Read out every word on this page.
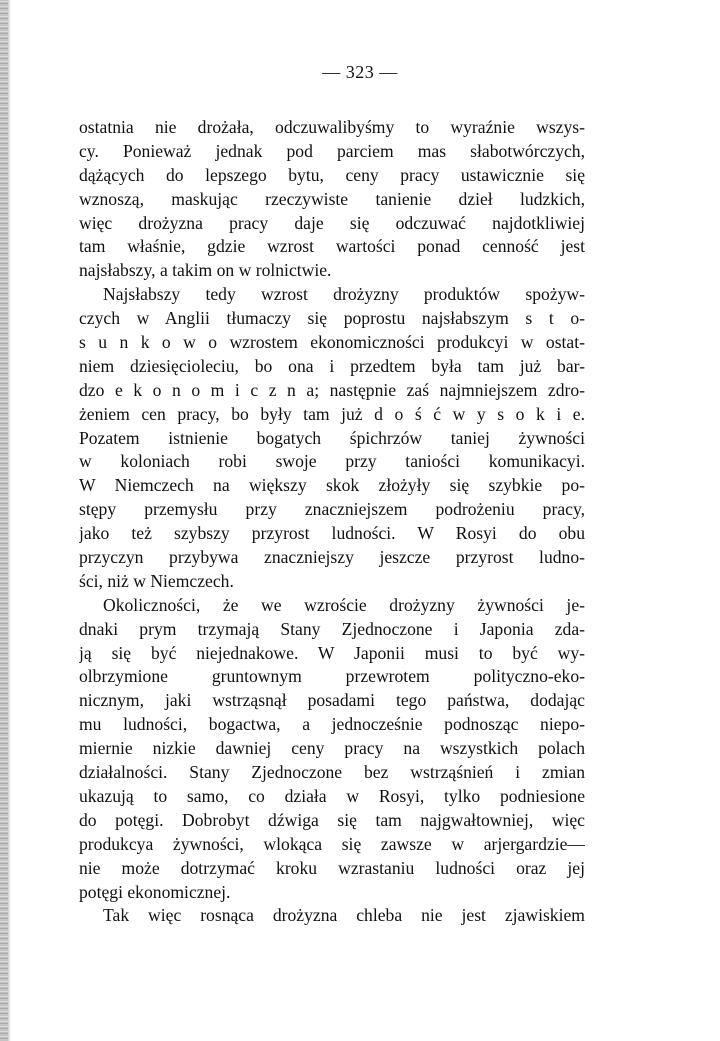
— 323 —
ostatnia nie drożała, odczuwalibyśmy to wyraźnie wszys-
cy. Ponieważ jednak pod parciem mas słabotwórczych,
dążących do lepszego bytu, ceny pracy ustawicznie się
wznoszą, maskując rzeczywiste tanienie dzieł ludzkich,
więc drożyzna pracy daje się odczuwać najdotkliwiej
tam właśnie, gdzie wzrost wartości ponad cenność jest
najsłabszy, a takim on w rolnictwie.
Najsłabszy tedy wzrost drożyzny produktów spożyw-
czych w Anglii tłumaczy się poprostu najsłabszym s t o-
s u n k o w o wzrostem ekonomiczności produkcyi w ostat-
niem dziesięcioleciu, bo ona i przedtem była tam już bar-
dzo e k o n o m i c z n a; następnie zaś najmniejszem zdro-
żeniem cen pracy, bo były tam już d o ś ć w y s o k i e.
Pozatem istnienie bogatych śpichrzów taniej żywności
w koloniach robi swoje przy taniości komunikacyi.
W Niemczech na większy skok złożyły się szybkie po-
stępy przemysłu przy znaczniejszem podrożeniu pracy,
jako też szybszy przyrost ludności. W Rosyi do obu
przyczyn przybywa znaczniejszy jeszcze przyrost ludno-
ści, niż w Niemczech.
Okoliczności, że we wzroście drożyzny żywności je-
dnaki prym trzymają Stany Zjednoczone i Japonia zda-
ją się być niejednakowe. W Japonii musi to być wy-
olbrzymione gruntownym przewrotem polityczno-eko-
nicznym, jaki wstrząsnął posadami tego państwa, dodając
mu ludności, bogactwa, a jednocześnie podnosząc niepo-
miernie nizkie dawniej ceny pracy na wszystkich polach
działalności. Stany Zjednoczone bez wstrząśnień i zmian
ukazują to samo, co działa w Rosyi, tylko podniesione
do potęgi. Dobrobyt dźwiga się tam najgwałtowniej, więc
produkcya żywności, wlokąca się zawsze w arjergardzie—
nie może dotrzymać kroku wzrastaniu ludności oraz jej
potęgi ekonomicznej.
Tak więc rosnąca drożyzna chleba nie jest zjawiskiem
